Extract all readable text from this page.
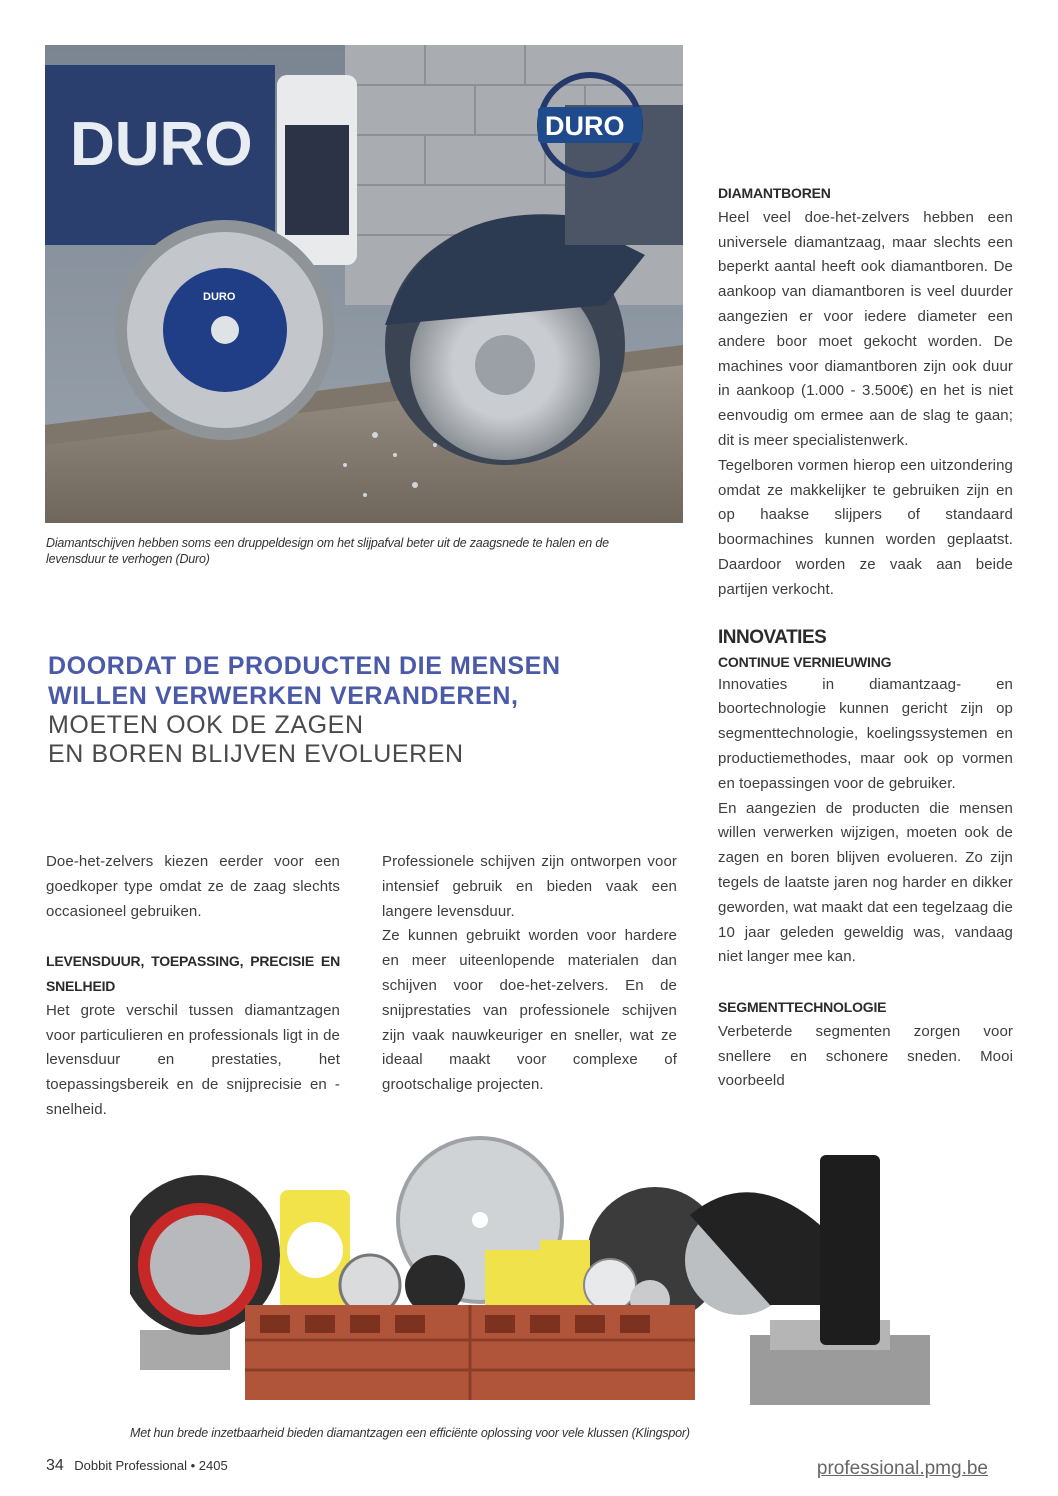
DURO
DURO
DURO
Diamantschijven hebben soms een druppeldesign om het slijpafval beter uit de zaagsnede te halen en de levensduur te verhogen (Duro)
DOORDAT DE PRODUCTEN DIE MENSEN
WILLEN VERWERKEN VERANDEREN,
MOETEN OOK DE ZAGEN
EN BOREN BLIJVEN EVOLUEREN

Doe-het-zelvers kiezen eerder voor een goedkoper type omdat ze de zaag slechts occasioneel gebruiken.

LEVENSDUUR, TOEPASSING, PRECISIE EN SNELHEID

Het grote verschil tussen diamantzagen voor particulieren en professionals ligt in de levensduur en prestaties, het toepassingsbereik en de snijprecisie en -snelheid.

Professionele schijven zijn ontworpen voor intensief gebruik en bieden vaak een langere levensduur.

Ze kunnen gebruikt worden voor hardere en meer uiteenlopende materialen dan schijven voor doe-het-zelvers. En de snijprestaties van professionele schijven zijn vaak nauwkeuriger en sneller, wat ze ideaal maakt voor complexe of grootschalige projecten.

DIAMANTBOREN

Heel veel doe-het-zelvers hebben een universele diamantzaag, maar slechts een beperkt aantal heeft ook diamantboren. De aankoop van diamantboren is veel duurder aangezien er voor iedere diameter een andere boor moet gekocht worden. De machines voor diamantboren zijn ook duur in aankoop (1.000 - 3.500€) en het is niet eenvoudig om ermee aan de slag te gaan; dit is meer specialistenwerk.

Tegelboren vormen hierop een uitzondering omdat ze makkelijker te gebruiken zijn en op haakse slijpers of standaard boormachines kunnen worden geplaatst. Daardoor worden ze vaak aan beide partijen verkocht.

INNOVATIES
CONTINUE VERNIEUWING

Innovaties in diamantzaag- en boortechnologie kunnen gericht zijn op segmenttechnologie, koelingssystemen en productiemethodes, maar ook op vormen en toepassingen voor de gebruiker.

En aangezien de producten die mensen willen verwerken wijzigen, moeten ook de zagen en boren blijven evolueren. Zo zijn tegels de laatste jaren nog harder en dikker geworden, wat maakt dat een tegelzaag die 10 jaar geleden geweldig was, vandaag niet langer mee kan.

SEGMENTTECHNOLOGIE

Verbeterde segmenten zorgen voor snellere en schonere sneden. Mooi voorbeeld

Met hun brede inzetbaarheid bieden diamantzagen een efficiënte oplossing voor vele klussen (Klingspor)
34 Dobbit Professional • 2405	professional.pmg.be
